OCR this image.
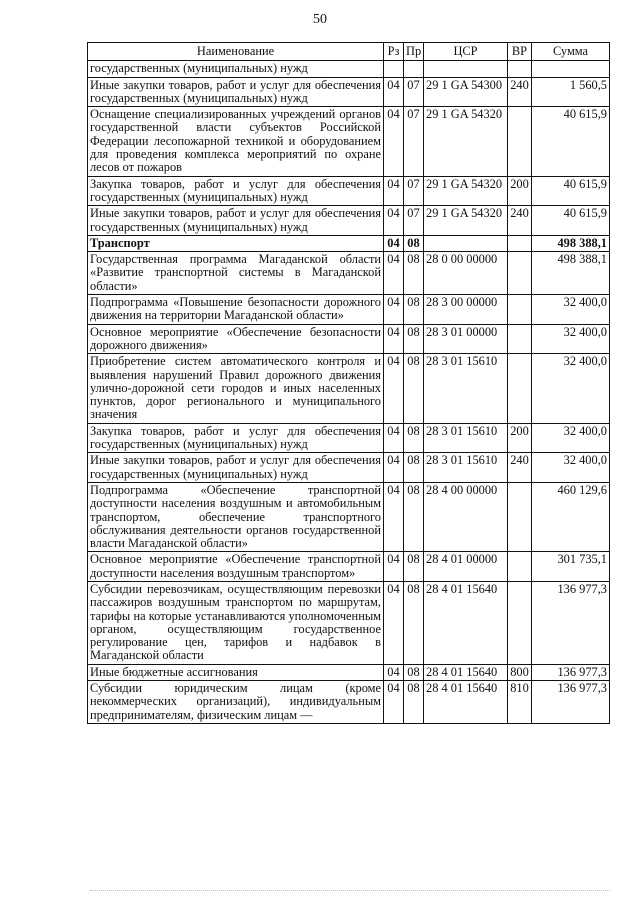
50
Наименование	Рз	Пр	ЦСР	ВР	Сумма
государственных (муниципальных) нужд					
Иные закупки товаров, работ и услуг для обеспечения государственных (муниципальных) нужд	04	07	29 1 GA 54300	240	1 560,5
Оснащение специализированных учреждений органов государственной власти субъектов Российской Федерации лесопожарной техникой и оборудованием для проведения комплекса мероприятий по охране лесов от пожаров	04	07	29 1 GA 54320		40 615,9
Закупка товаров, работ и услуг для обеспечения государственных (муниципальных) нужд	04	07	29 1 GA 54320	200	40 615,9
Иные закупки товаров, работ и услуг для обеспечения государственных (муниципальных) нужд	04	07	29 1 GA 54320	240	40 615,9
Транспорт	04	08			498 388,1
Государственная программа Магаданской области «Развитие транспортной системы в Магаданской области»	04	08	28 0 00 00000		498 388,1
Подпрограмма «Повышение безопасности дорожного движения на территории Магаданской области»	04	08	28 3 00 00000		32 400,0
Основное мероприятие «Обеспечение безопасности дорожного движения»	04	08	28 3 01 00000		32 400,0
Приобретение систем автоматического контроля и выявления нарушений Правил дорожного движения улично-дорожной сети городов и иных населенных пунктов, дорог регионального и муниципального значения	04	08	28 3 01 15610		32 400,0
Закупка товаров, работ и услуг для обеспечения государственных (муниципальных) нужд	04	08	28 3 01 15610	200	32 400,0
Иные закупки товаров, работ и услуг для обеспечения государственных (муниципальных) нужд	04	08	28 3 01 15610	240	32 400,0
Подпрограмма «Обеспечение транспортной доступности населения воздушным и автомобильным транспортом, обеспечение транспортного обслуживания деятельности органов государственной власти Магаданской области»	04	08	28 4 00 00000		460 129,6
Основное мероприятие «Обеспечение транспортной доступности населения воздушным транспортом»	04	08	28 4 01 00000		301 735,1
Субсидии перевозчикам, осуществляющим перевозки пассажиров воздушным транспортом по маршрутам, тарифы на которые устанавливаются уполномоченным органом, осуществляющим государственное регулирование цен, тарифов и надбавок в Магаданской области	04	08	28 4 01 15640		136 977,3
Иные бюджетные ассигнования	04	08	28 4 01 15640	800	136 977,3
Субсидии юридическим лицам (кроме некоммерческих организаций), индивидуальным предпринимателям, физическим лицам —	04	08	28 4 01 15640	810	136 977,3
